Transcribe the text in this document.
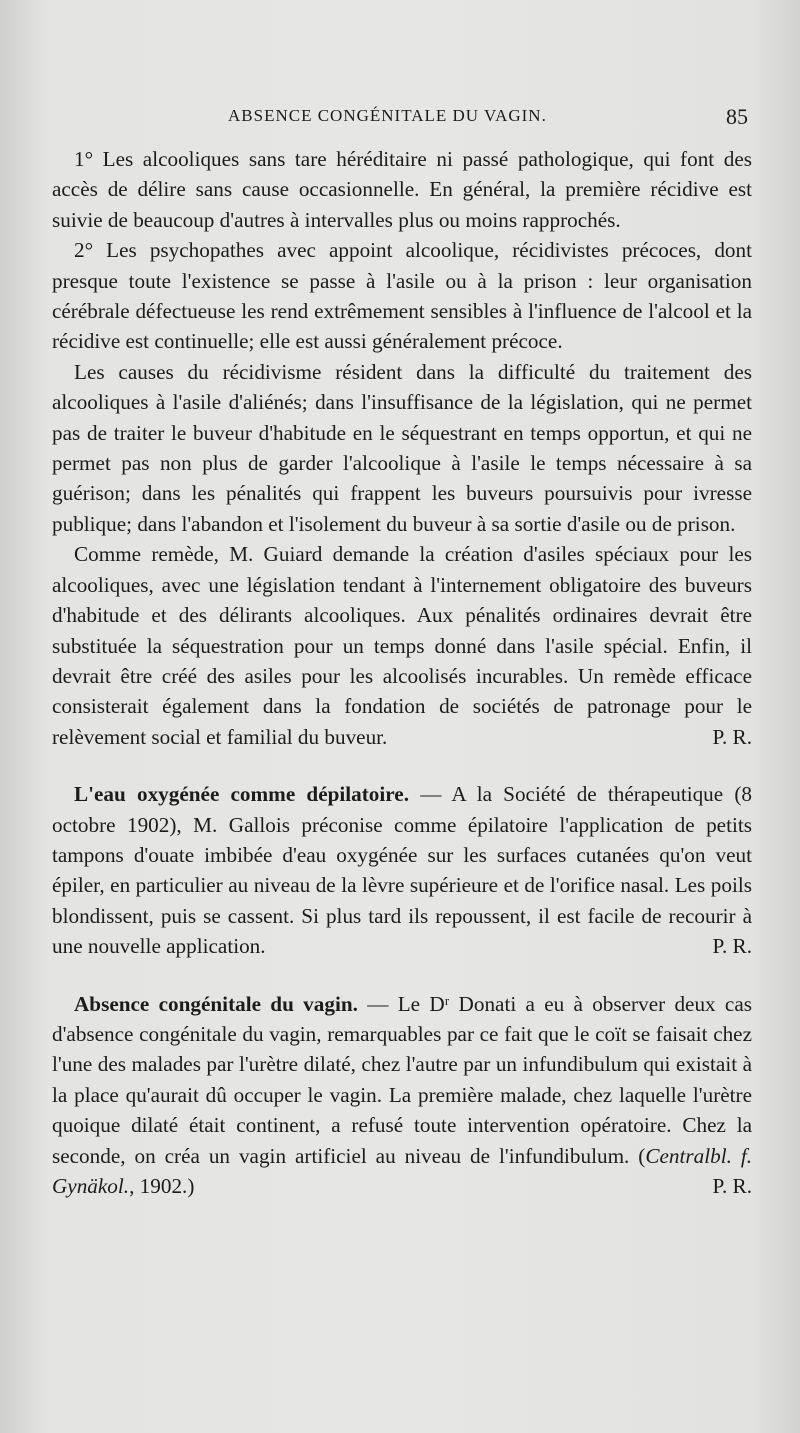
ABSENCE CONGÉNITALE DU VAGIN.	85

1° Les alcooliques sans tare héréditaire ni passé pathologique, qui font des accès de délire sans cause occasionnelle. En général, la première récidive est suivie de beaucoup d'autres à intervalles plus ou moins rapprochés.

2° Les psychopathes avec appoint alcoolique, récidivistes précoces, dont presque toute l'existence se passe à l'asile ou à la prison : leur organisation cérébrale défectueuse les rend extrêmement sensibles à l'influence de l'alcool et la récidive est continuelle; elle est aussi généralement précoce.

Les causes du récidivisme résident dans la difficulté du traitement des alcooliques à l'asile d'aliénés; dans l'insuffisance de la législation, qui ne permet pas de traiter le buveur d'habitude en le séquestrant en temps opportun, et qui ne permet pas non plus de garder l'alcoolique à l'asile le temps nécessaire à sa guérison; dans les pénalités qui frappent les buveurs poursuivis pour ivresse publique; dans l'abandon et l'isolement du buveur à sa sortie d'asile ou de prison.

Comme remède, M. Guiard demande la création d'asiles spéciaux pour les alcooliques, avec une législation tendant à l'internement obligatoire des buveurs d'habitude et des délirants alcooliques. Aux pénalités ordinaires devrait être substituée la séquestration pour un temps donné dans l'asile spécial. Enfin, il devrait être créé des asiles pour les alcoolisés incurables. Un remède efficace consisterait également dans la fondation de sociétés de patronage pour le relèvement social et familial du buveur.	P. R.

L'eau oxygénée comme dépilatoire. — A la Société de thérapeutique (8 octobre 1902), M. Gallois préconise comme épilatoire l'application de petits tampons d'ouate imbibée d'eau oxygénée sur les surfaces cutanées qu'on veut épiler, en particulier au niveau de la lèvre supérieure et de l'orifice nasal. Les poils blondissent, puis se cassent. Si plus tard ils repoussent, il est facile de recourir à une nouvelle application.	P. R.

Absence congénitale du vagin. — Le Dʳ Donati a eu à observer deux cas d'absence congénitale du vagin, remarquables par ce fait que le coït se faisait chez l'une des malades par l'urètre dilaté, chez l'autre par un infundibulum qui existait à la place qu'aurait dû occuper le vagin. La première malade, chez laquelle l'urètre quoique dilaté était continent, a refusé toute intervention opératoire. Chez la seconde, on créa un vagin artificiel au niveau de l'infundibulum. (Centralbl. f. Gynäkol., 1902.)	P. R.
